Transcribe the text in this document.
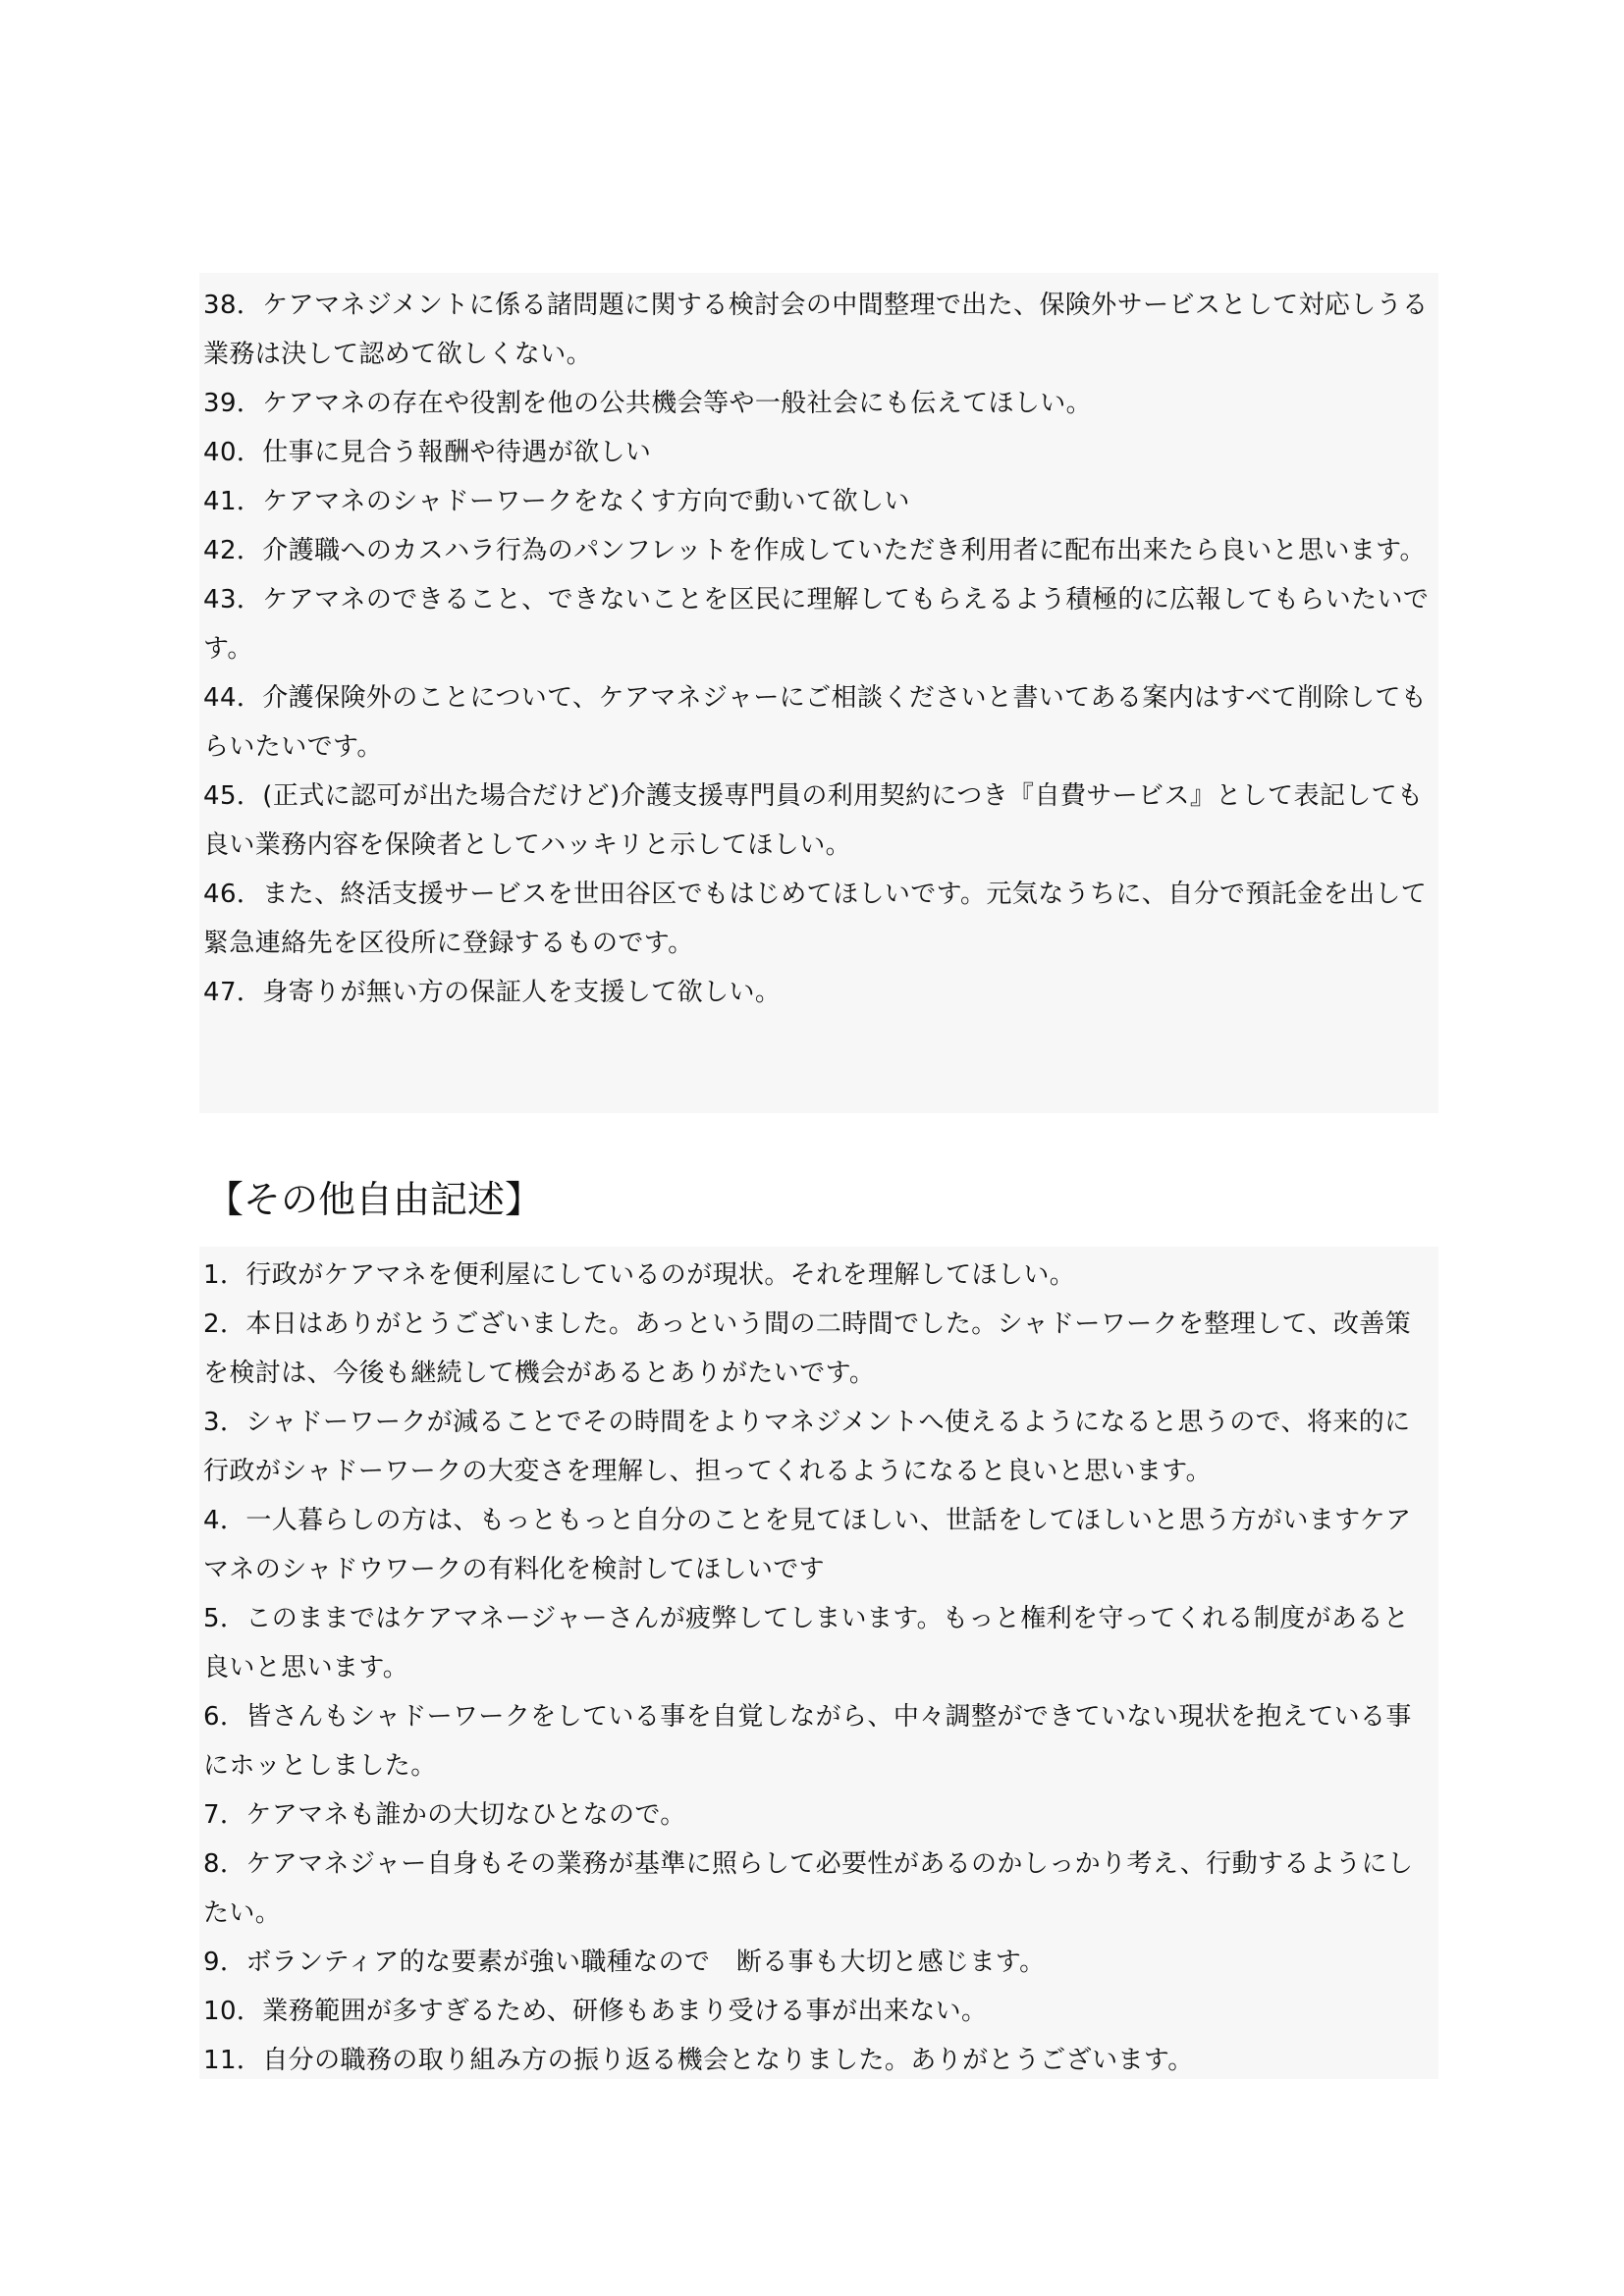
38．ケアマネジメントに係る諸問題に関する検討会の中間整理で出た、保険外サービスとして対応しうる業務は決して認めて欲しくない。

39．ケアマネの存在や役割を他の公共機会等や一般社会にも伝えてほしい。

40．仕事に見合う報酬や待遇が欲しい

41．ケアマネのシャドーワークをなくす方向で動いて欲しい

42．介護職へのカスハラ行為のパンフレットを作成していただき利用者に配布出来たら良いと思います。

43．ケアマネのできること、できないことを区民に理解してもらえるよう積極的に広報してもらいたいです。

44．介護保険外のことについて、ケアマネジャーにご相談くださいと書いてある案内はすべて削除してもらいたいです。

45．(正式に認可が出た場合だけど)介護支援専門員の利用契約につき『自費サービス』として表記しても良い業務内容を保険者としてハッキリと示してほしい。

46．また、終活支援サービスを世田谷区でもはじめてほしいです。元気なうちに、自分で預託金を出して緊急連絡先を区役所に登録するものです。

47．身寄りが無い方の保証人を支援して欲しい。

【その他自由記述】

1．行政がケアマネを便利屋にしているのが現状。それを理解してほしい。

2．本日はありがとうございました。あっという間の二時間でした。シャドーワークを整理して、改善策を検討は、今後も継続して機会があるとありがたいです。

3．シャドーワークが減ることでその時間をよりマネジメントへ使えるようになると思うので、将来的に行政がシャドーワークの大変さを理解し、担ってくれるようになると良いと思います。

4．一人暮らしの方は、もっともっと自分のことを見てほしい、世話をしてほしいと思う方がいますケアマネのシャドウワークの有料化を検討してほしいです

5．このままではケアマネージャーさんが疲弊してしまいます。もっと権利を守ってくれる制度があると良いと思います。

6．皆さんもシャドーワークをしている事を自覚しながら、中々調整ができていない現状を抱えている事にホッとしました。

7．ケアマネも誰かの大切なひとなので。

8．ケアマネジャー自身もその業務が基準に照らして必要性があるのかしっかり考え、行動するようにしたい。

9．ボランティア的な要素が強い職種なので　断る事も大切と感じます。

10．業務範囲が多すぎるため、研修もあまり受ける事が出来ない。

11．自分の職務の取り組み方の振り返る機会となりました。ありがとうございます。
